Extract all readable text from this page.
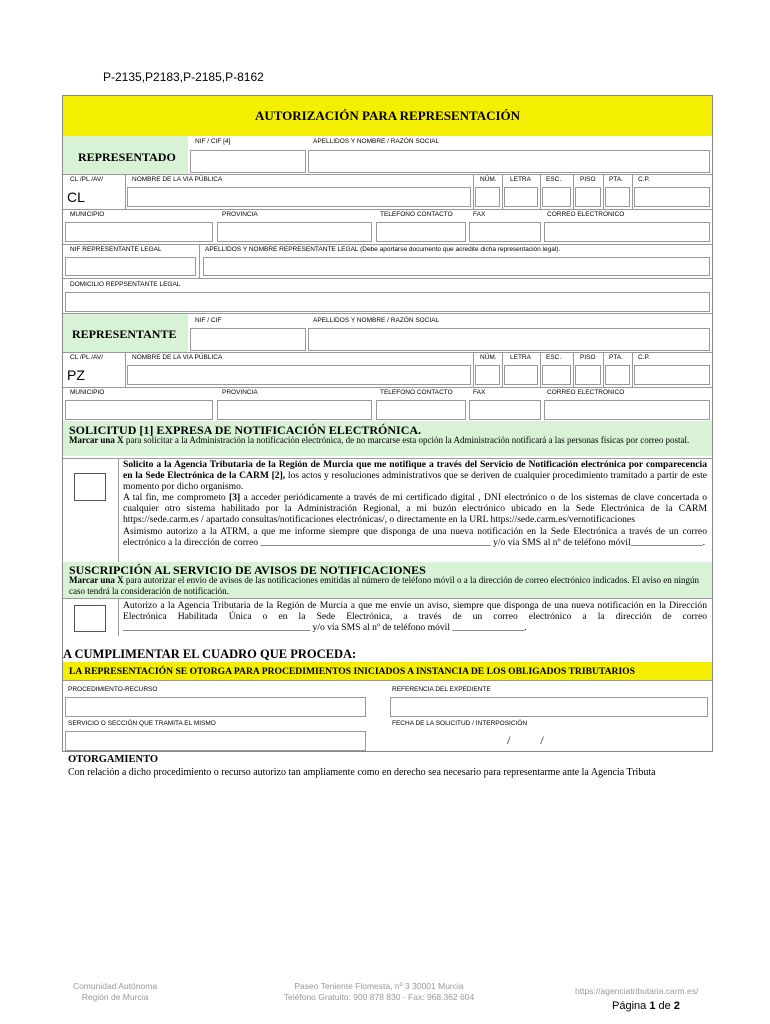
P-2135,P2183,P-2185,P-8162
AUTORIZACIÓN PARA REPRESENTACIÓN
REPRESENTADO
NIF / CIF [4]	APELLIDOS Y NOMBRE / RAZÓN SOCIAL
CL /PL /AV/	NOMBRE DE LA VIA PÚBLICA	NÚM. LETRA ESC.	PISO PTA. C.P.
CL
MUNICIPIO	PROVINCIA	TELEFONO CONTACTO	FAX	CORREO ELECTRONICO
NIF REPRESENTANTE LEGAL	APELLIDOS Y NOMBRE REPRESENTANTE LEGAL (Debe aportarse documento que acredite dicha representación legal).
DOMICILIO REPPSENTANTE LEGAL
REPRESENTANTE
NIF / CIF	APELLIDOS Y NOMBRE / RAZÓN SOCIAL
CL /PL /AV/	NOMBRE DE LA VIA PÚBLICA	NÚM. LETRA ESC.	PISO PTA. C.P.
PZ
MUNICIPIO	PROVINCIA	TELEFONO CONTACTO	FAX	CORREO ELECTRONICO
SOLICITUD [1] EXPRESA DE NOTIFICACIÓN ELECTRÓNICA.
Marcar una X para solicitar a la Administración la notificación electrónica, de no marcarse esta opción la Administración notificará a las personas físicas por correo postal.
Solicito a la Agencia Tributaria de la Región de Murcia que me notifique a través del Servicio de Notificación electrónica por comparecencia en la Sede Electrónica de la CARM [2], los actos y resoluciones administrativos que se deriven de cualquier procedimiento tramitado a partir de este momento por dicho organismo.
A tal fin, me comprometo [3] a acceder periódicamente a través de mi certificado digital , DNI electrónico o de los sistemas de clave concertada o cualquier otro sistema habilitado por la Administración Regional, a mi buzón electrónico ubicado en la Sede Electrónica de la CARM https://sede.carm.es / apartado consultas/notificaciones electrónicas/, o directamente en la URL https://sede.carm.es/vernotificaciones
Asimismo autorizo a la ATRM, a que me informe siempre que disponga de una nueva notificación en la Sede Electrónica a través de un correo electrónico a la dirección de correo ________________________________________________ y/o vía SMS al nº de teléfono móvil_______________.
SUSCRIPCIÓN AL SERVICIO DE AVISOS DE NOTIFICACIONES
Marcar una X para autorizar el envío de avisos de las notificaciones emitidas al número de teléfono móvil o a la dirección de correo electrónico indicados. El aviso en ningún caso tendrá la consideración de notificación.
Autorizo a la Agencia Tributaria de la Región de Murcia a que me envíe un aviso, siempre que disponga de una nueva notificación en la Dirección Electrónica Habilitada Única o en la Sede Electrónica, a través de un correo electrónico a la dirección de correo _______________________________________ y/o vía SMS al nº de teléfono móvil _______________.
A CUMPLIMENTAR EL CUADRO QUE PROCEDA:
LA REPRESENTACIÓN SE OTORGA PARA PROCEDIMIENTOS INICIADOS A INSTANCIA DE LOS OBLIGADOS TRIBUTARIOS
PROCEDIMIENTO-RECURSO	REFERENCIA DEL EXPEDIENTE
SERVICIO O SECCIÓN QUE TRAMITA EL MISMO	FECHA DE LA SOLICITUD / INTERPOSICIÓN
/          /
OTORGAMIENTO
Con relación a dicho procedimiento o recurso autorizo tan ampliamente como en derecho sea necesario para representarme ante la Agencia Tributa
Comunidad Autónoma
Región de Murcia
Paseo Teniente Flomesta, nº 3 30001 Murcia
Teléfono Gratuito: 900 878 830 - Fax: 968.362 604
https://agenciatributaria.carm.es/
Página 1 de 2
